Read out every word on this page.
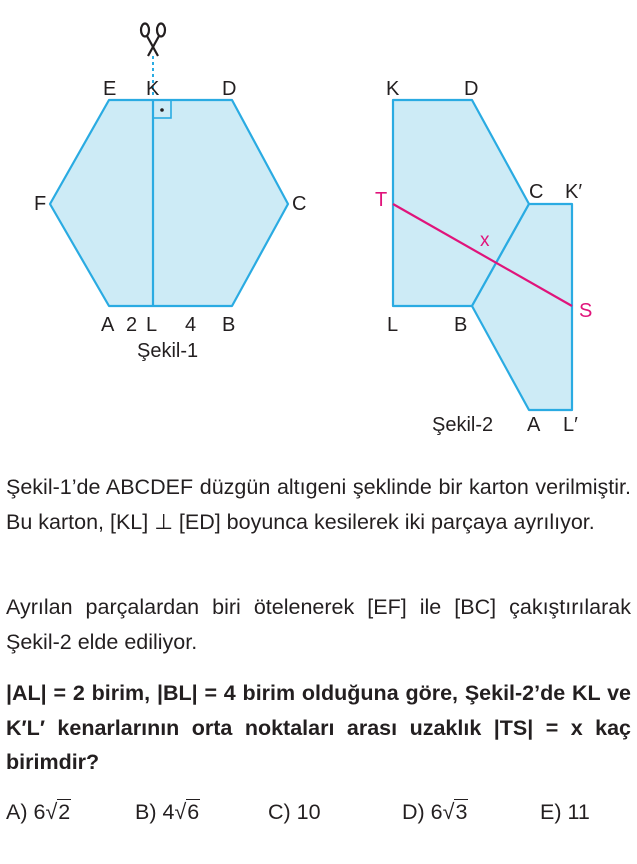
E K	D
F	C
A 2 L 4 B
Şekil-1
K	D
C K′
T
x
L	B
S
Şekil-2 A L′

Şekil-1’de ABCDEF düzgün altıgeni şeklinde bir karton verilmiştir. Bu karton, [KL] ⊥ [ED] boyunca kesilerek iki parçaya ayrılıyor.

Ayrılan parçalardan biri ötelenerek [EF] ile [BC] çakıştırılarak Şekil-2 elde ediliyor.

|AL| = 2 birim, |BL| = 4 birim olduğuna göre, Şekil-2’de KL ve K′L′ kenarlarının orta noktaları arası uzaklık |TS| = x kaç birimdir?

A) 6√2	B) 4√6	C) 10	D) 6√3	E) 11
